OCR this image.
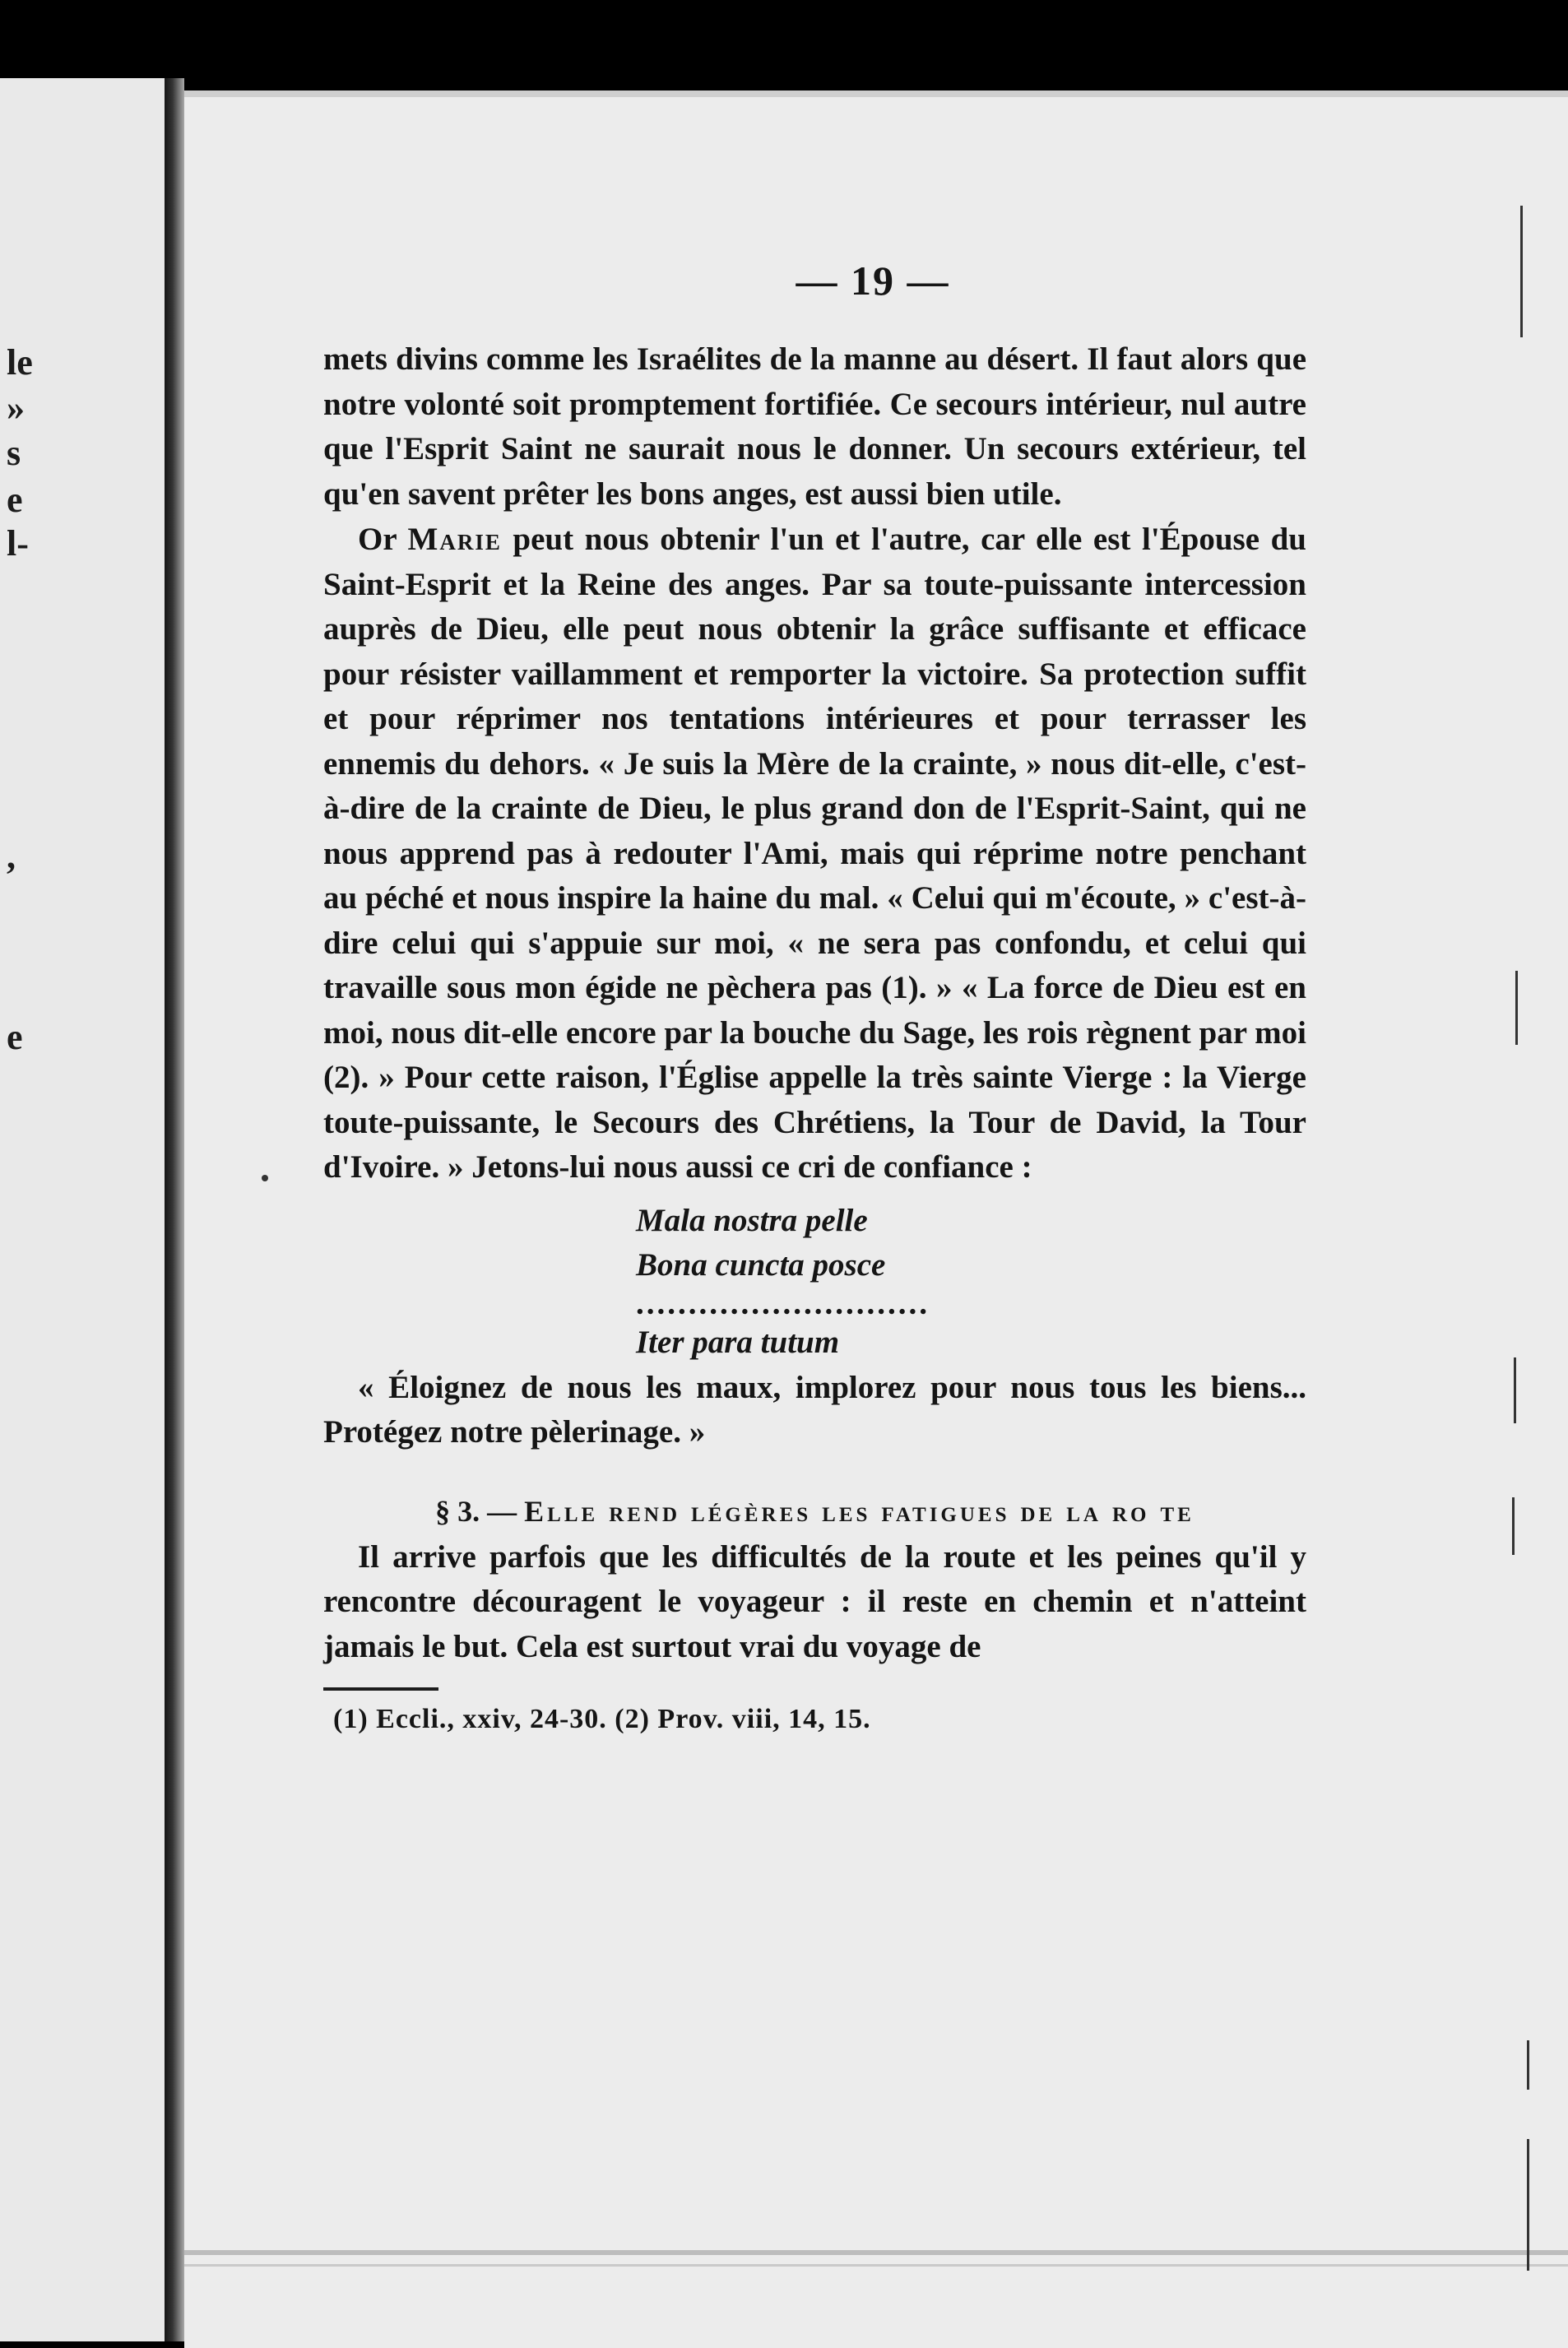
le
»
s
e
l-
,
e
— 19 —

mets divins comme les Israélites de la manne au désert. Il faut alors que notre volonté soit promptement fortifiée. Ce secours intérieur, nul autre que l'Esprit Saint ne saurait nous le donner. Un secours extérieur, tel qu'en savent prêter les bons anges, est aussi bien utile.

Or Marie peut nous obtenir l'un et l'autre, car elle est l'Épouse du Saint-Esprit et la Reine des anges. Par sa toute-puissante intercession auprès de Dieu, elle peut nous obtenir la grâce suffisante et efficace pour résister vaillamment et remporter la victoire. Sa protection suffit et pour réprimer nos tentations intérieures et pour terrasser les ennemis du dehors. « Je suis la Mère de la crainte, » nous dit-elle, c'est-à-dire de la crainte de Dieu, le plus grand don de l'Esprit-Saint, qui ne nous apprend pas à redouter l'Ami, mais qui réprime notre penchant au péché et nous inspire la haine du mal. « Celui qui m'écoute, » c'est-à-dire celui qui s'appuie sur moi, « ne sera pas confondu, et celui qui travaille sous mon égide ne pèchera pas (1). » « La force de Dieu est en moi, nous dit-elle encore par la bouche du Sage, les rois règnent par moi (2). » Pour cette raison, l'Église appelle la très sainte Vierge : la Vierge toute-puissante, le Secours des Chrétiens, la Tour de David, la Tour d'Ivoire. » Jetons-lui nous aussi ce cri de confiance :

Mala nostra pelle
Bona cuncta posce
............................
Iter para tutum

« Éloignez de nous les maux, implorez pour nous tous les biens... Protégez notre pèlerinage. »

§ 3. — Elle rend légères les fatigues de la ro te

Il arrive parfois que les difficultés de la route et les peines qu'il y rencontre découragent le voyageur : il reste en chemin et n'atteint jamais le but. Cela est surtout vrai du voyage de

(1) Eccli., xxiv, 24-30. (2) Prov. viii, 14, 15.
